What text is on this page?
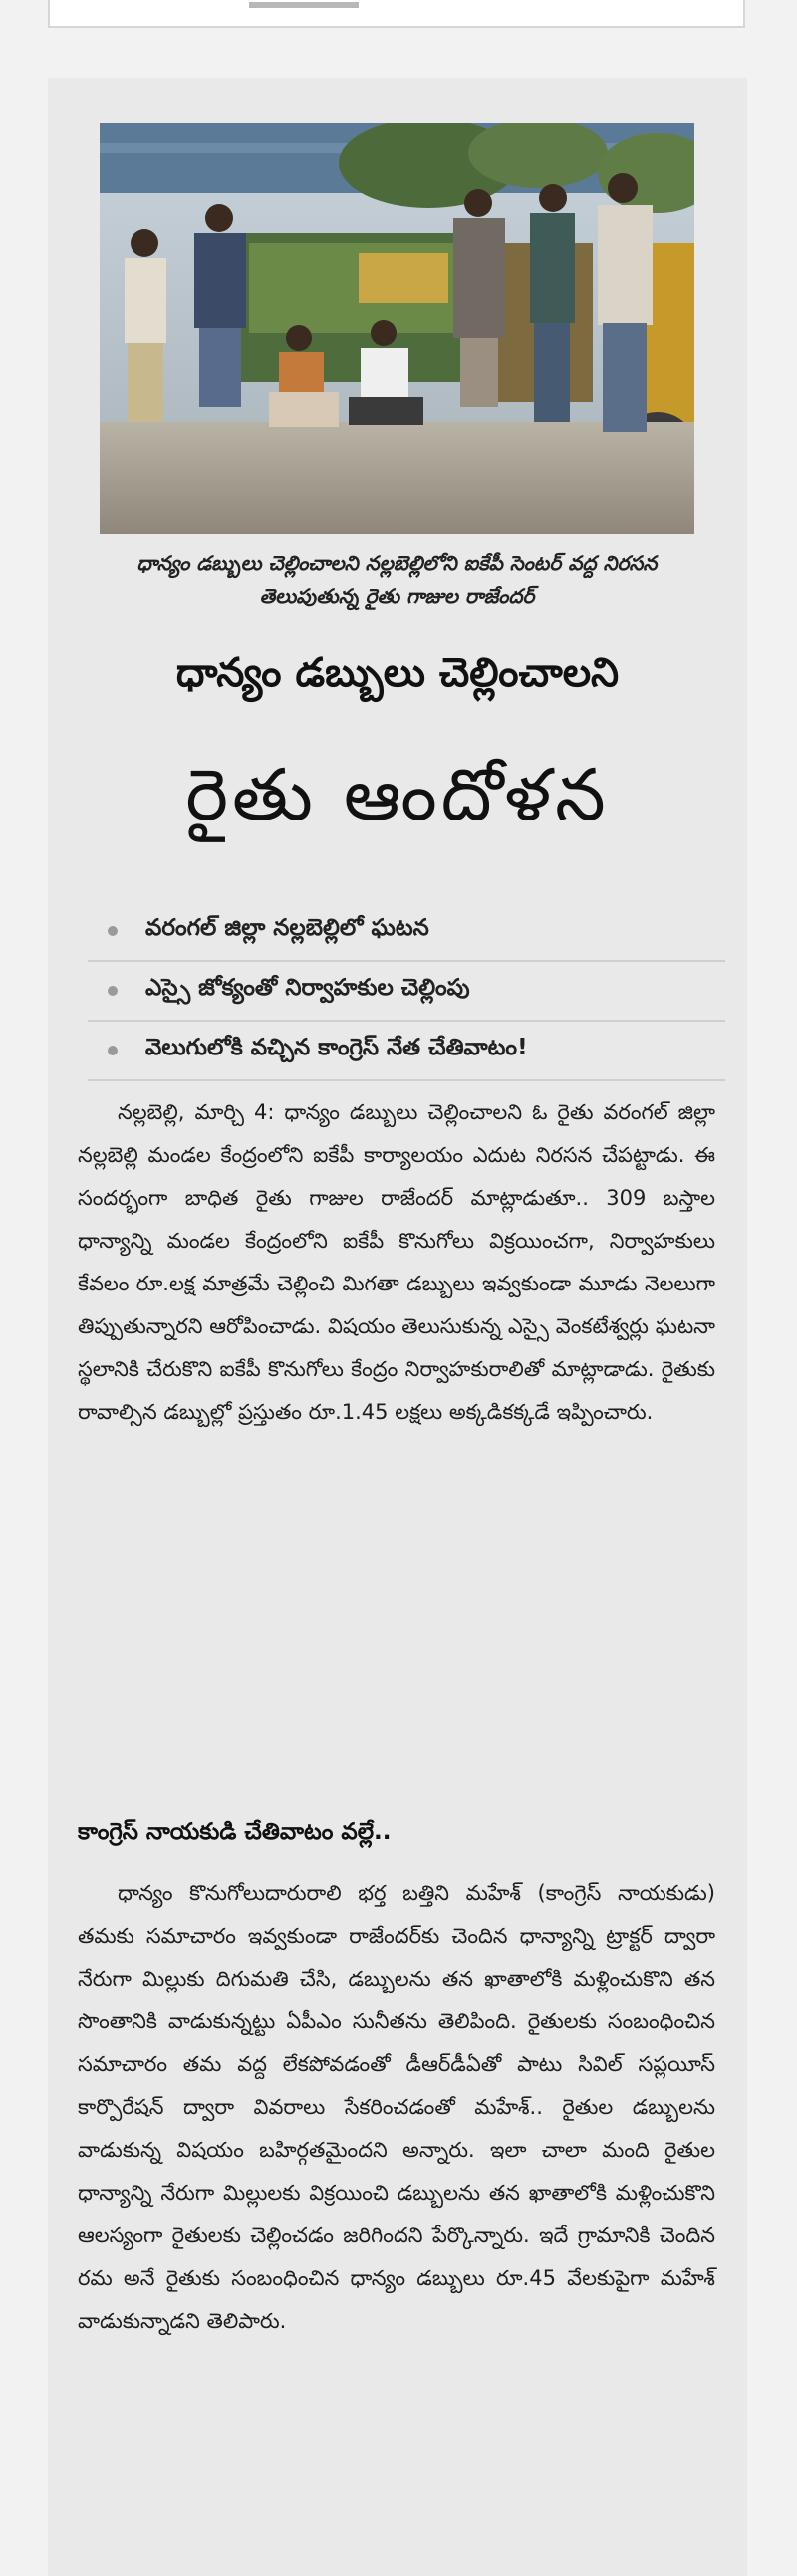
ధాన్యం డబ్బులు చెల్లించాలని నల్లబెల్లిలోని ఐకేపీ సెంటర్ వద్ద నిరసన తెలుపుతున్న రైతు గాజుల రాజేందర్
ధాన్యం డబ్బులు చెల్లించాలని
రైతు ఆందోళన
వరంగల్ జిల్లా నల్లబెల్లిలో ఘటన
ఎస్సై జోక్యంతో నిర్వాహకుల చెల్లింపు
వెలుగులోకి వచ్చిన కాంగ్రెస్ నేత చేతివాటం!

నల్లబెల్లి, మార్చి 4: ధాన్యం డబ్బులు చెల్లించాలని ఓ రైతు వరంగల్ జిల్లా నల్లబెల్లి మండల కేంద్రంలోని ఐకేపీ కార్యాలయం ఎదుట నిరసన చేపట్టాడు. ఈ సందర్భంగా బాధిత రైతు గాజుల రాజేందర్ మాట్లాడుతూ.. 309 బస్తాల ధాన్యాన్ని మండల కేంద్రంలోని ఐకేపీ కొనుగోలు విక్రయించగా, నిర్వాహకులు కేవలం రూ.లక్ష మాత్రమే చెల్లించి మిగతా డబ్బులు ఇవ్వకుండా మూడు నెలలుగా తిప్పుతున్నారని ఆరోపించాడు. విషయం తెలుసుకున్న ఎస్సై వెంకటేశ్వర్లు ఘటనా స్థలానికి చేరుకొని ఐకేపీ కొనుగోలు కేంద్రం నిర్వాహకురాలితో మాట్లాడాడు. రైతుకు రావాల్సిన డబ్బుల్లో ప్రస్తుతం రూ.1.45 లక్షలు అక్కడికక్కడే ఇప్పించారు.

కాంగ్రెస్ నాయకుడి చేతివాటం వల్లే..

ధాన్యం కొనుగోలుదారురాలి భర్త బత్తిని మహేశ్ (కాంగ్రెస్ నాయకుడు) తమకు సమాచారం ఇవ్వకుండా రాజేందర్‌కు చెందిన ధాన్యాన్ని ట్రాక్టర్ ద్వారా నేరుగా మిల్లుకు దిగుమతి చేసి, డబ్బులను తన ఖాతాలోకి మళ్లించుకొని తన సొంతానికి వాడుకున్నట్టు ఏపీఎం సునీతను తెలిపింది. రైతులకు సంబంధించిన సమాచారం తమ వద్ద లేకపోవడంతో డీఆర్‌డీఏతో పాటు సివిల్ సప్లయీస్ కార్పొరేషన్ ద్వారా వివరాలు సేకరించడంతో మహేశ్.. రైతుల డబ్బులను వాడుకున్న విషయం బహిర్గతమైందని అన్నారు. ఇలా చాలా మంది రైతుల ధాన్యాన్ని నేరుగా మిల్లులకు విక్రయించి డబ్బులను తన ఖాతాలోకి మళ్లించుకొని ఆలస్యంగా రైతులకు చెల్లించడం జరిగిందని పేర్కొన్నారు. ఇదే గ్రామానికి చెందిన రమ అనే రైతుకు సంబంధించిన ధాన్యం డబ్బులు రూ.45 వేలకుపైగా మహేశ్ వాడుకున్నాడని తెలిపారు.
